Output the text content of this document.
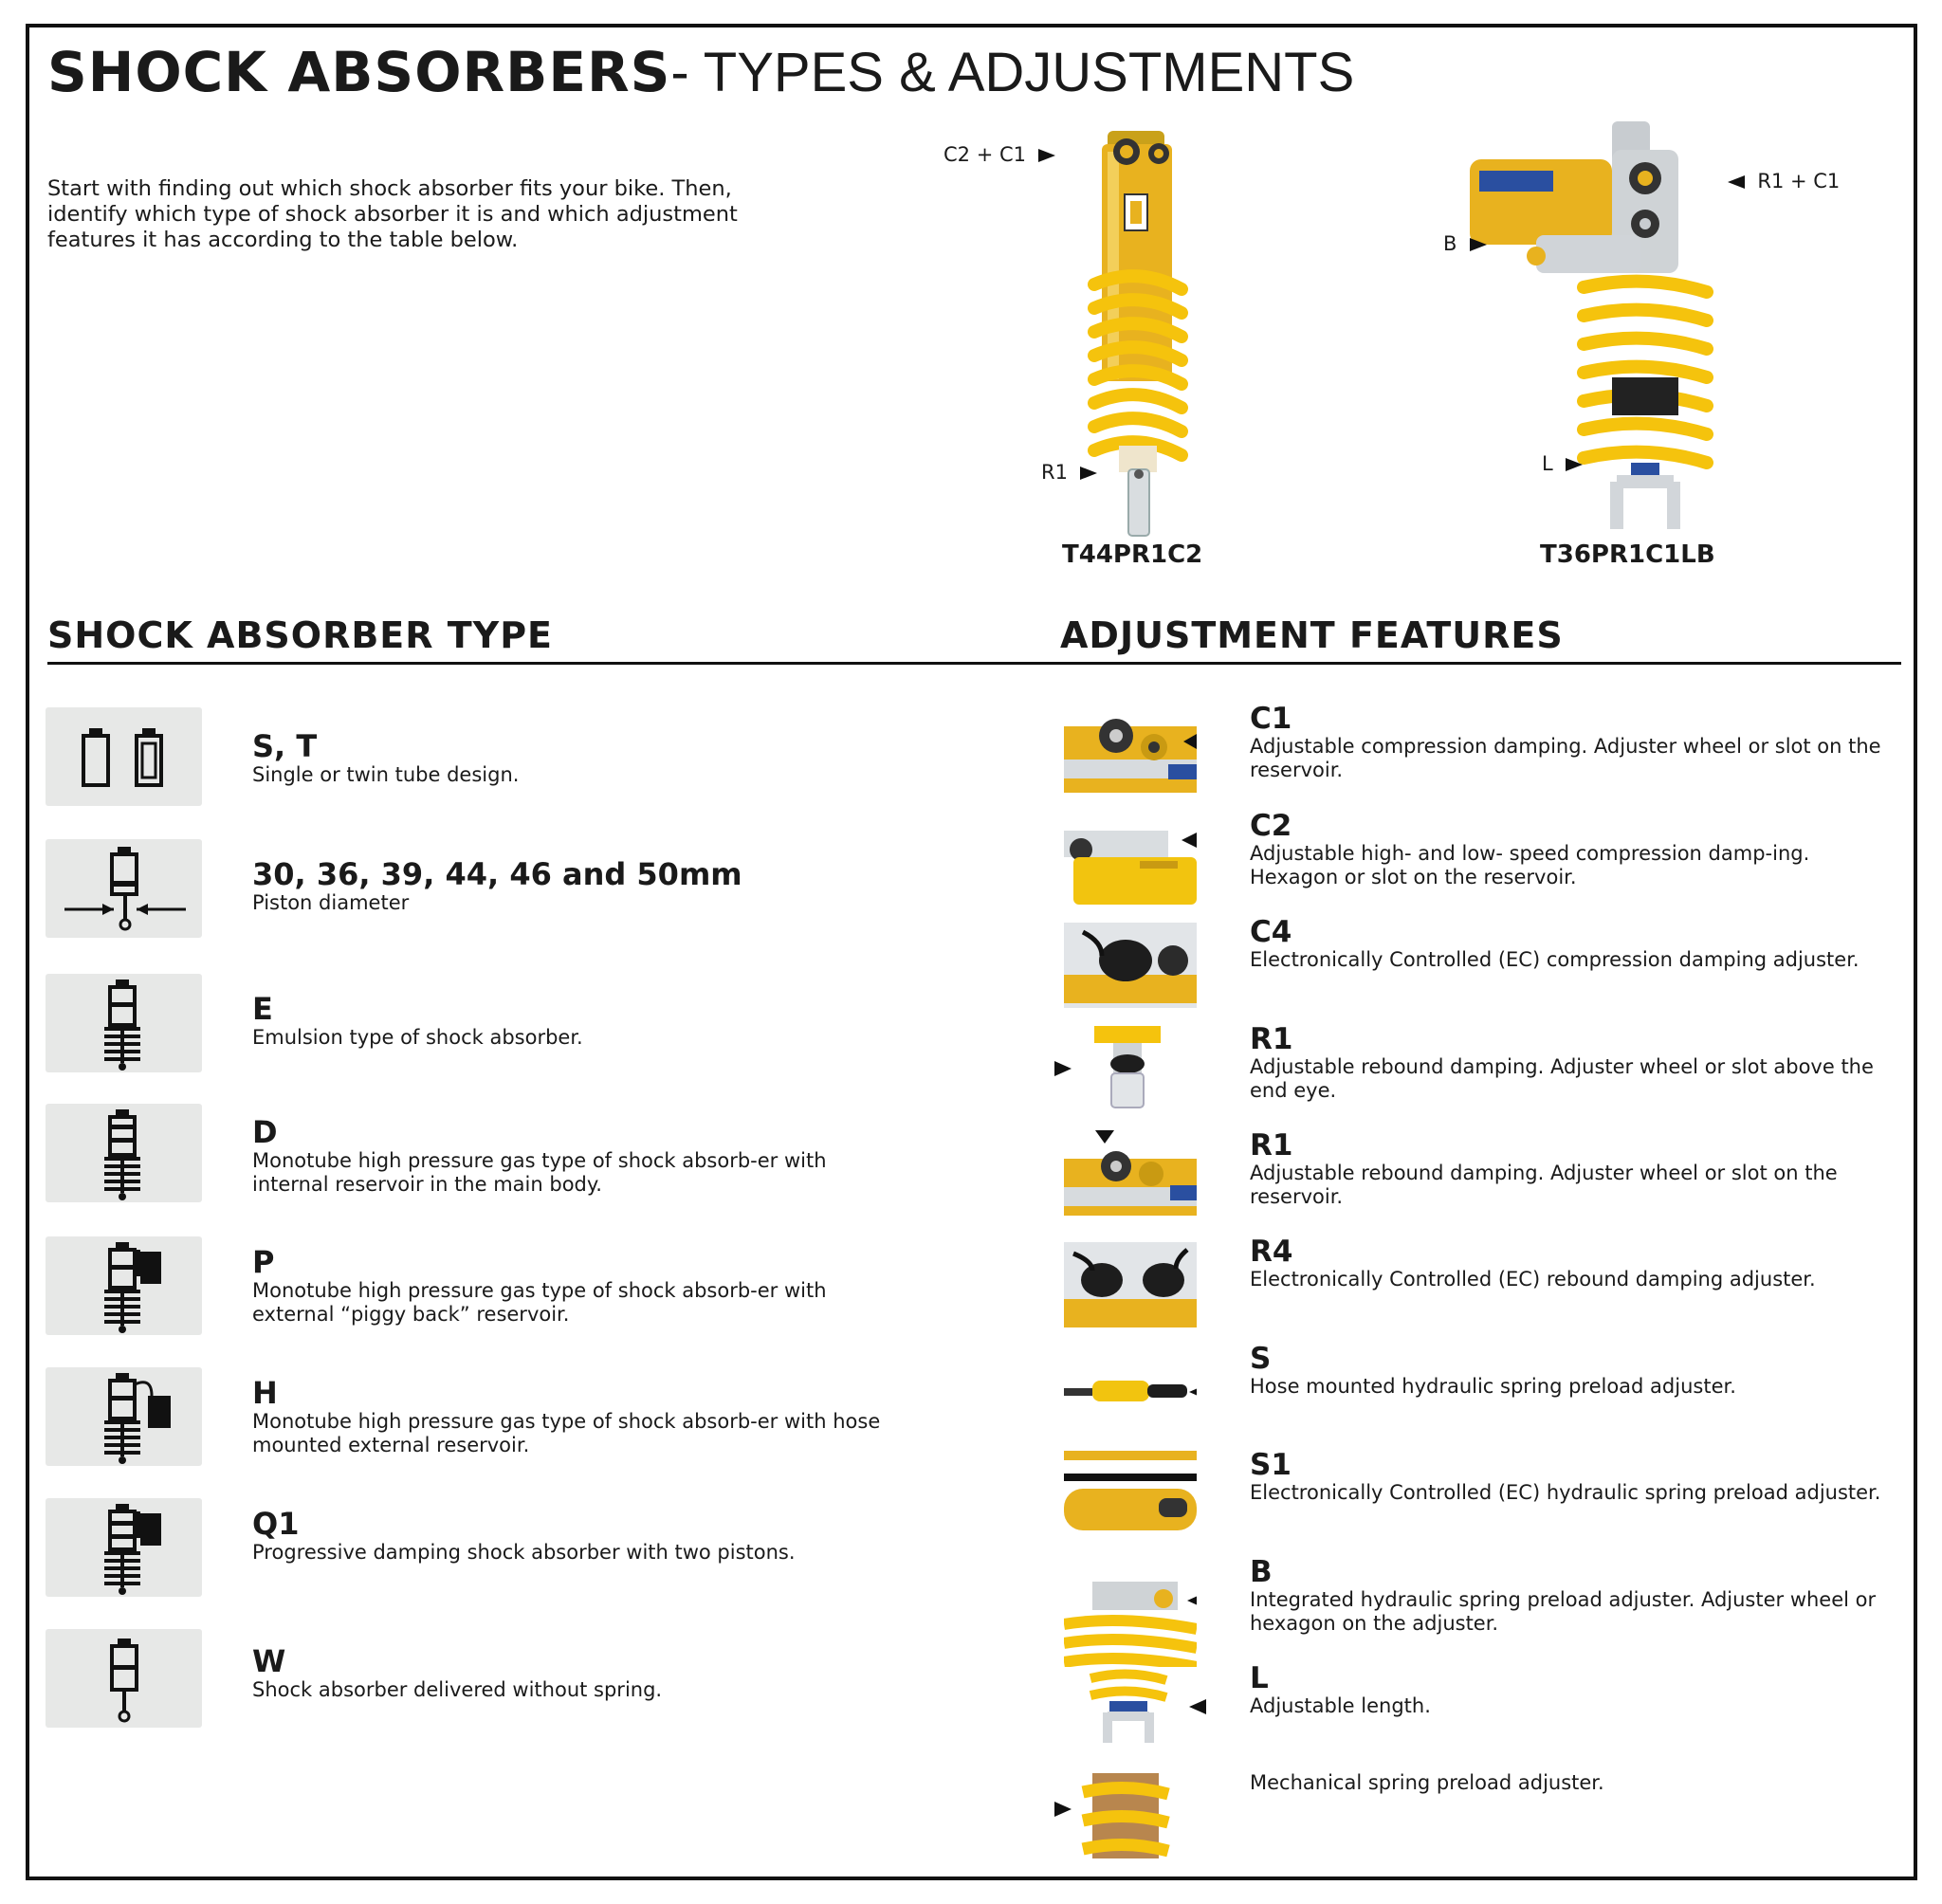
SHOCK ABSORBERS- TYPES & ADJUSTMENTS
Start with finding out which shock absorber fits your bike. Then, identify which type of shock absorber it is and which adjustment features it has according to the table below.
C2 + C1
R1
T44PR1C2
R1 + C1
B
L
T36PR1C1LB
SHOCK ABSORBER TYPE	ADJUSTMENT FEATURES
S, T
Single or twin tube design.
30, 36, 39, 44, 46 and 50mm
Piston diameter
E
Emulsion type of shock absorber.
D
Monotube high pressure gas type of shock absorb-er with internal reservoir in the main body.
P
Monotube high pressure gas type of shock absorb-er with external “piggy back” reservoir.
H
Monotube high pressure gas type of shock absorb-er with hose mounted external reservoir.
Q1
Progressive damping shock absorber with two pistons.
W
Shock absorber delivered without spring.
C1
Adjustable compression damping. Adjuster wheel or slot on the reservoir.
C2
Adjustable high- and low- speed compression damp-ing. Hexagon or slot on the reservoir.
C4
Electronically Controlled (EC) compression damping adjuster.
R1
Adjustable rebound damping. Adjuster wheel or slot above the end eye.
R1
Adjustable rebound damping. Adjuster wheel or slot on the reservoir.
R4
Electronically Controlled (EC) rebound damping adjuster.
S
Hose mounted hydraulic spring preload adjuster.
S1
Electronically Controlled (EC) hydraulic spring preload adjuster.
B
Integrated hydraulic spring preload adjuster. Adjuster wheel or hexagon on the adjuster.
L
Adjustable length.
Mechanical spring preload adjuster.
